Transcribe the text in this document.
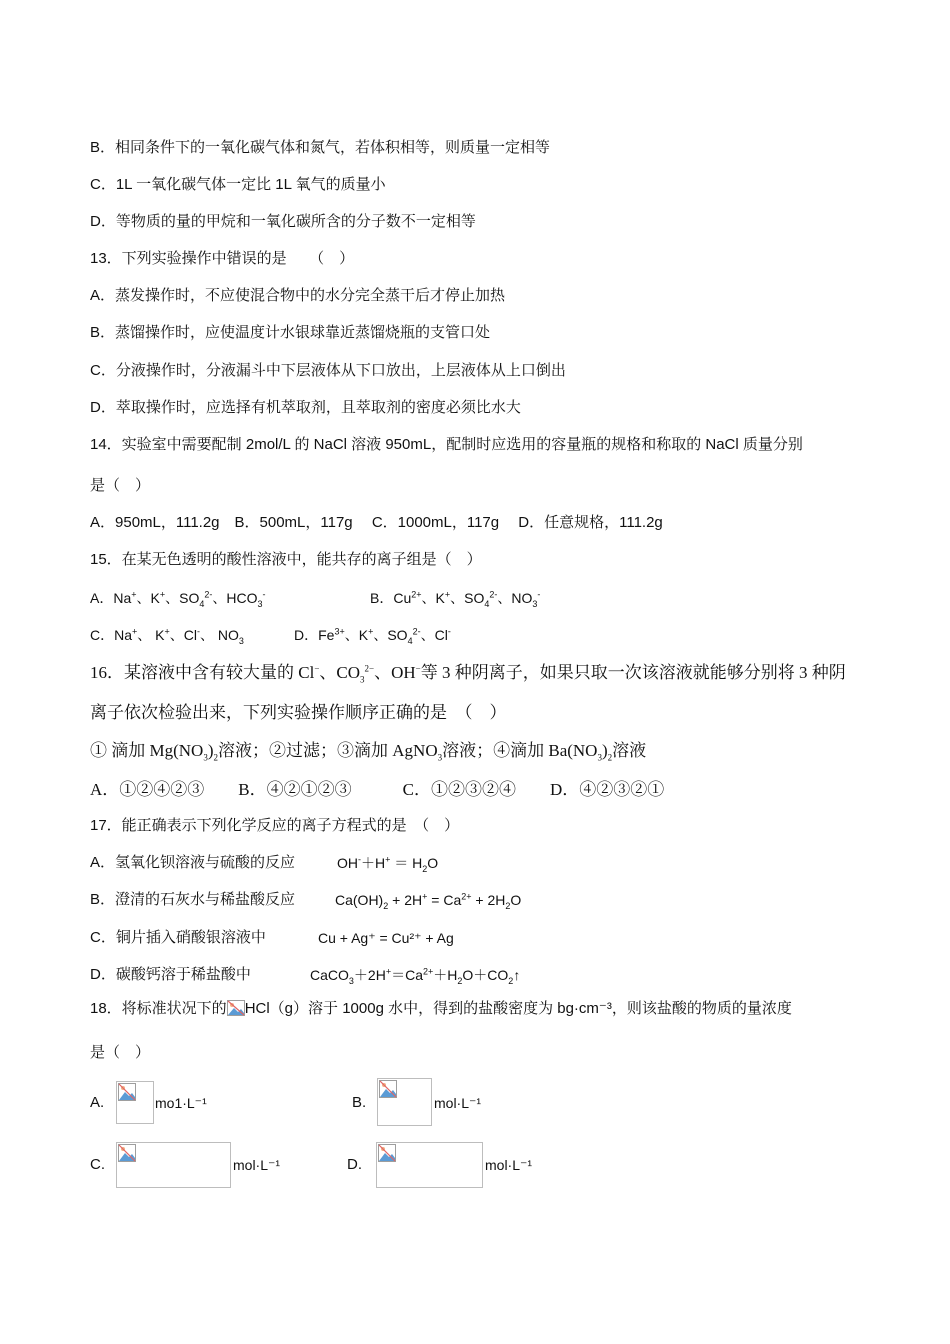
B．相同条件下的一氧化碳气体和氮气，若体积相等，则质量一定相等
C．1L 一氧化碳气体一定比 1L 氧气的质量小
D．等物质的量的甲烷和一氧化碳所含的分子数不一定相等
13．下列实验操作中错误的是　　（　）
A．蒸发操作时，不应使混合物中的水分完全蒸干后才停止加热
B．蒸馏操作时，应使温度计水银球靠近蒸馏烧瓶的支管口处
C．分液操作时，分液漏斗中下层液体从下口放出，上层液体从上口倒出
D．萃取操作时，应选择有机萃取剂，且萃取剂的密度必须比水大
14．实验室中需要配制 2mol/L 的 NaCl 溶液 950mL，配制时应选用的容量瓶的规格和称取的 NaCl 质量分别
是（　）
A．950mL，111.2g　B．500mL，117g　 C．1000mL，117g　 D．任意规格，111.2g
15．在某无色透明的酸性溶液中，能共存的离子组是（　）
A．Na+、K+、$SO_4^{2-}$、$HCO_3^-$	B．$Cu^{2+}$、K+、$SO_4^{2-}$、$NO_3^-$
C．Na+、 K+、Cl-、 $NO_3$	D．$Fe^{3+}$、K+、$SO_4^{2-}$、Cl-
16．某溶液中含有较大量的 Cl−、$CO_3^{2-}$、OH−等 3 种阴离子，如果只取一次该溶液就能够分别将 3 种阴
离子依次检验出来，下列实验操作顺序正确的是　（　）
① 滴加 $Mg(NO_3)_2$溶液；②过滤；③滴加 AgNO$_3$溶液；④滴加 $Ba(NO_3)_2$溶液
A．①②④②③　　B．④②①②③　　　C．①②③②④　　D．④②③②①
17．能正确表示下列化学反应的离子方程式的是　（　）
A．氢氧化钡溶液与硫酸的反应	$OH^-+H^+ = H_2O$
B．澄清的石灰水与稀盐酸反应	$Ca(OH)_2 + 2H^+ = Ca^{2+} + 2H_2O$
C．铜片插入硝酸银溶液中	Cu + Ag⁺ = Cu²⁺ + Ag
D．碳酸钙溶于稀盐酸中	$CaCO_3+2H^+=Ca^{2+}+H_2O+CO_2↑$
18．将标准状况下的 HCl（g）溶于 1000g 水中，得到的盐酸密度为 bg·cm⁻³，则该盐酸的物质的量浓度
是（　）
A.	mo1·L⁻¹	B.	mol·L⁻¹
C.	mol·L⁻¹	D.	mol·L⁻¹
